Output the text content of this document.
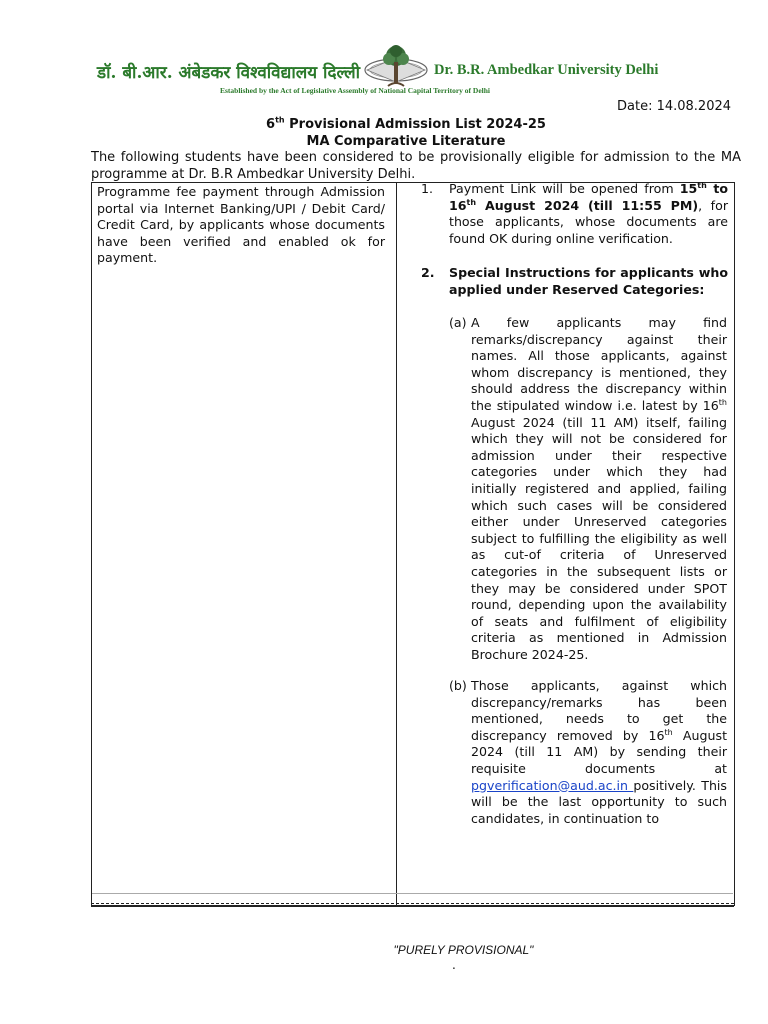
डॉ. बी.आर. अंबेडकर विश्वविद्यालय दिल्ली	Dr. B.R. Ambedkar University Delhi
Established by the Act of Legislative Assembly of National Capital Territory of Delhi
Date: 14.08.2024
6th Provisional Admission List 2024-25
MA Comparative Literature
The following students have been considered to be provisionally eligible for admission to the MA programme at Dr. B.R Ambedkar University Delhi.
Programme fee payment through Admission portal via Internet Banking/UPI / Debit Card/ Credit Card, by applicants whose documents have been verified and enabled ok for payment.
1. Payment Link will be opened from 15th to 16th August 2024 (till 11:55 PM), for those applicants, whose documents are found OK during online verification.
2. Special Instructions for applicants who applied under Reserved Categories:
(a) A few applicants may find remarks/discrepancy against their names. All those applicants, against whom discrepancy is mentioned, they should address the discrepancy within the stipulated window i.e. latest by 16th August 2024 (till 11 AM) itself, failing which they will not be considered for admission under their respective categories under which they had initially registered and applied, failing which such cases will be considered either under Unreserved categories subject to fulfilling the eligibility as well as cut-of criteria of Unreserved categories in the subsequent lists or they may be considered under SPOT round, depending upon the availability of seats and fulfilment of eligibility criteria as mentioned in Admission Brochure 2024-25.
(b) Those applicants, against which discrepancy/remarks has been mentioned, needs to get the discrepancy removed by 16th August 2024 (till 11 AM) by sending their requisite documents at pgverification@aud.ac.in positively. This will be the last opportunity to such candidates, in continuation to
"PURELY PROVISIONAL"
.
